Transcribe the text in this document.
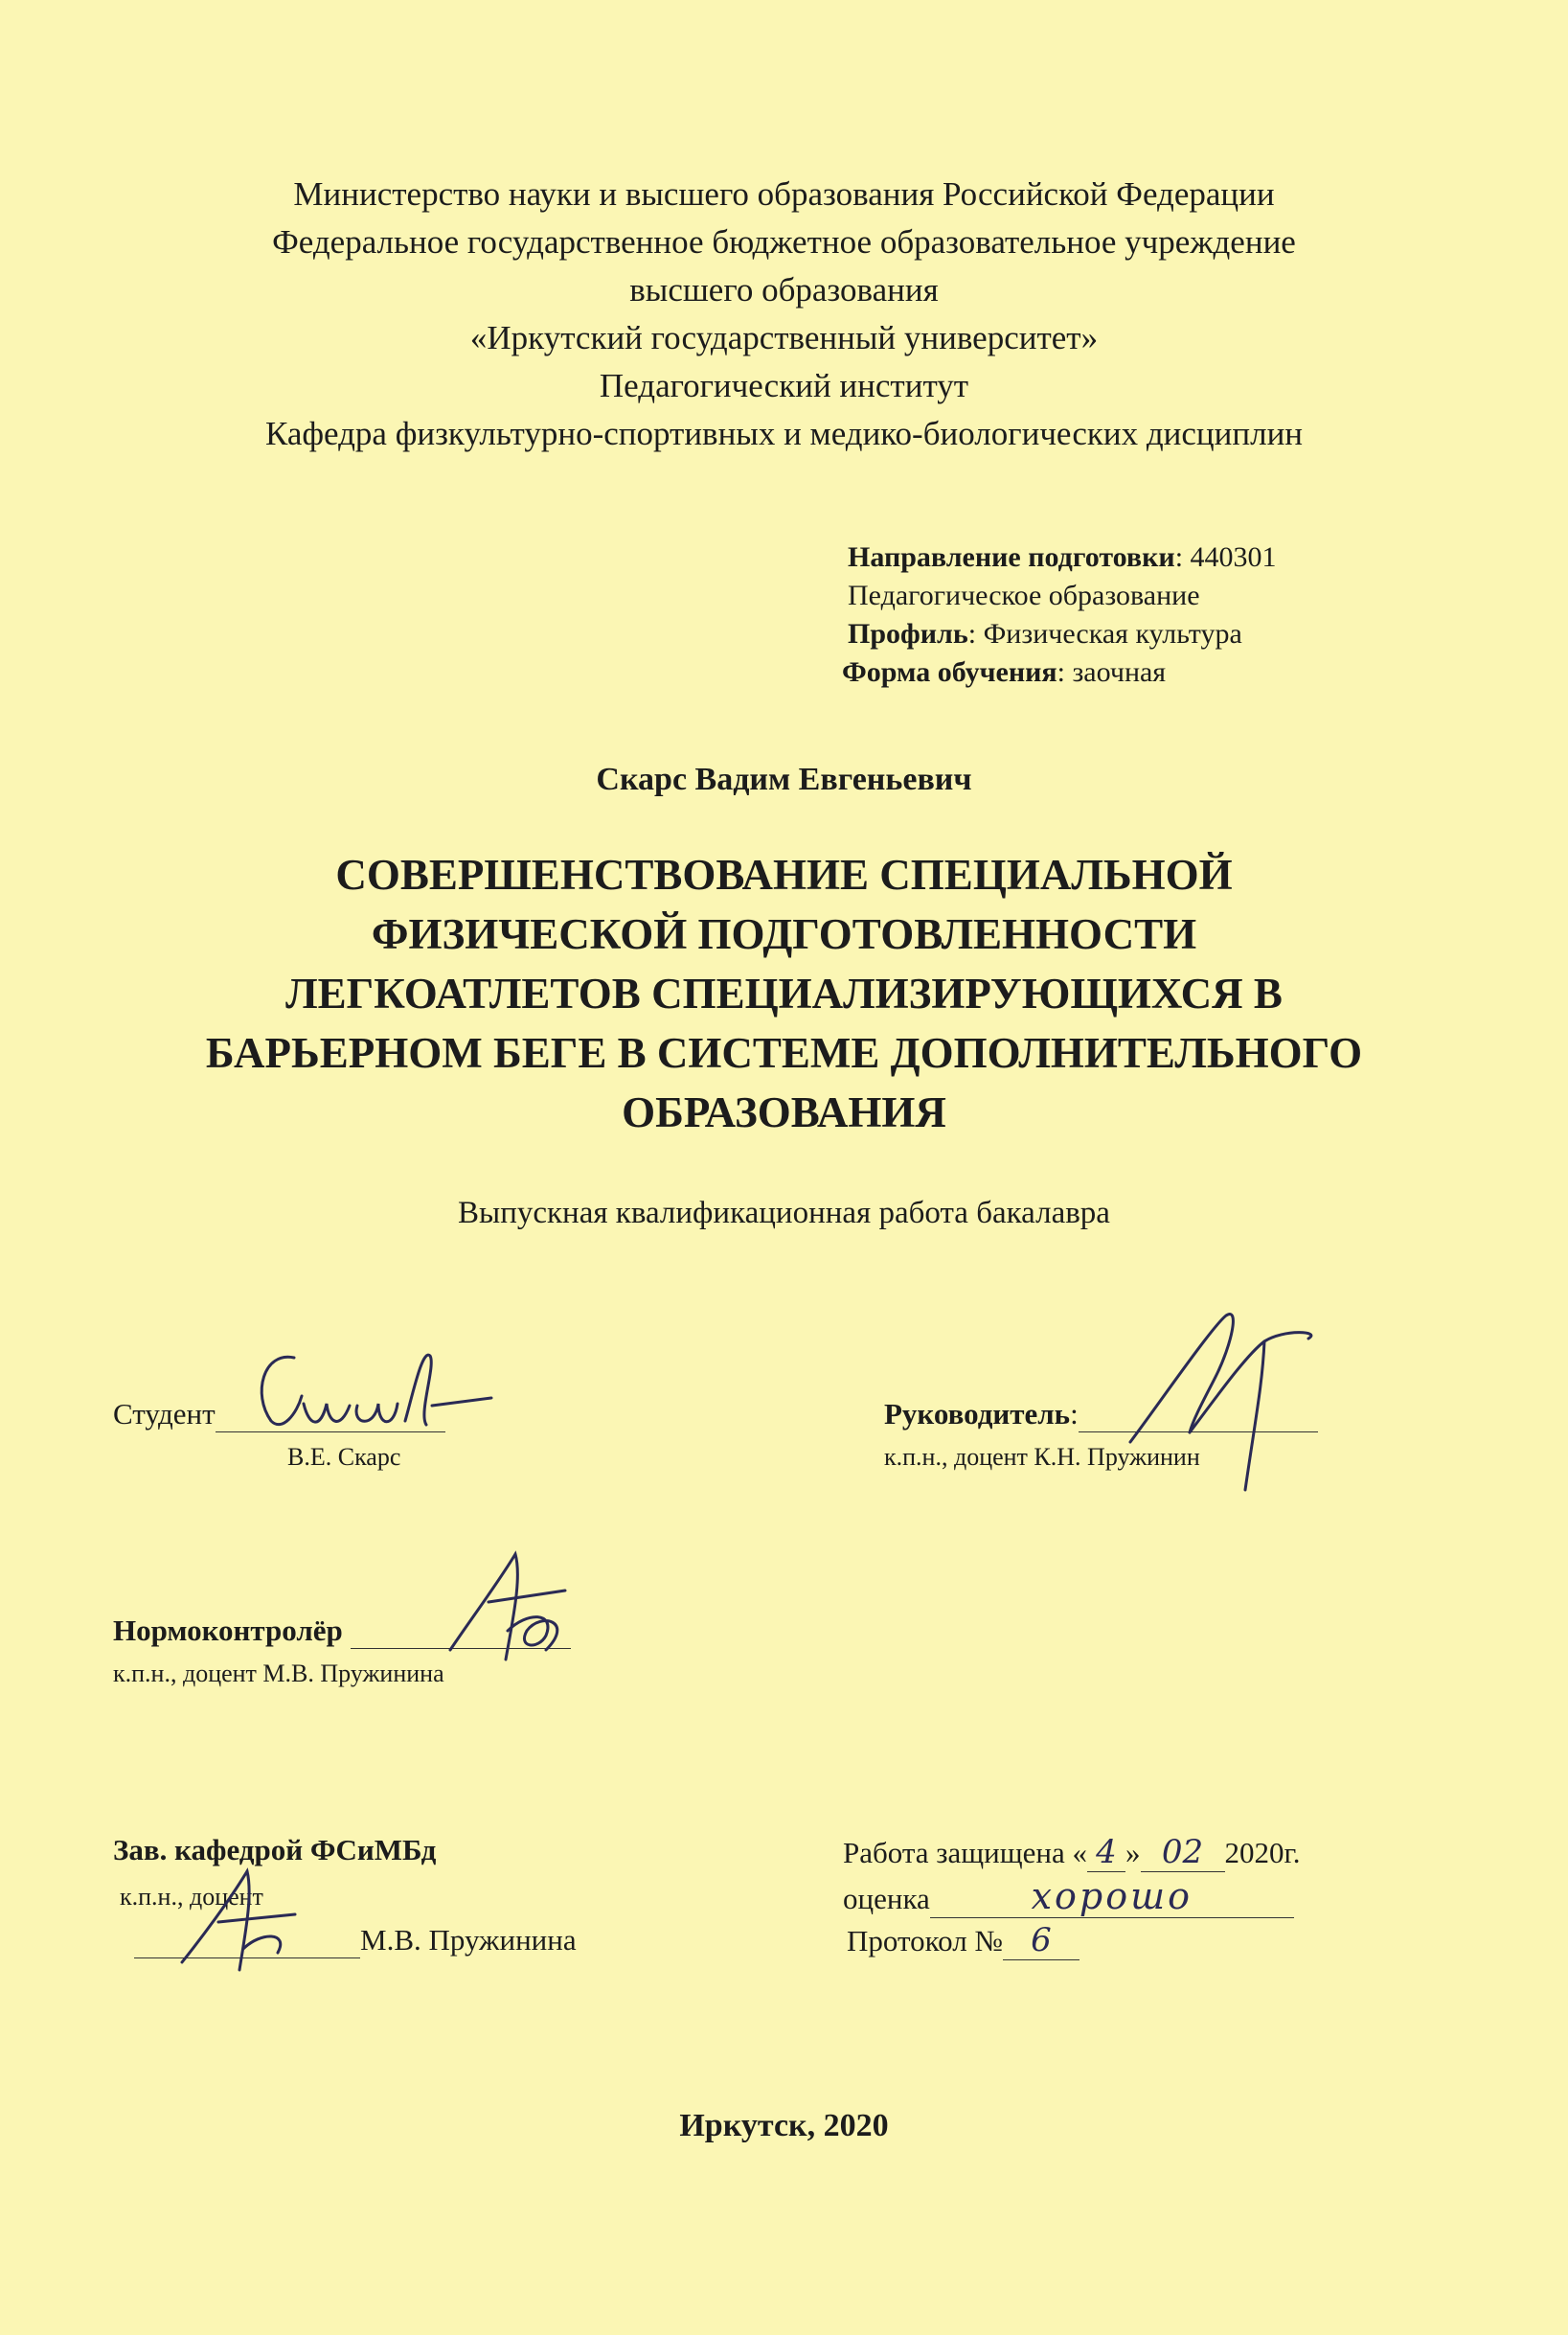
Министерство науки и высшего образования Российской Федерации
Федеральное государственное бюджетное образовательное учреждение
высшего образования
«Иркутский государственный университет»
Педагогический институт
Кафедра физкультурно-спортивных и медико-биологических дисциплин
Направление подготовки: 440301
Педагогическое образование
Профиль: Физическая культура
Форма обучения: заочная
Скарс Вадим Евгеньевич
СОВЕРШЕНСТВОВАНИЕ СПЕЦИАЛЬНОЙ
ФИЗИЧЕСКОЙ ПОДГОТОВЛЕННОСТИ
ЛЕГКОАТЛЕТОВ СПЕЦИАЛИЗИРУЮЩИХСЯ В
БАРЬЕРНОМ БЕГЕ В СИСТЕМЕ ДОПОЛНИТЕЛЬНОГО
ОБРАЗОВАНИЯ
Выпускная квалификационная работа бакалавра
Студент
В.Е. Скарс
Руководитель:
к.п.н., доцент К.Н. Пружинин
Нормоконтролёр
к.п.н., доцент М.В. Пружинина
Зав. кафедрой ФСиМБд
к.п.н., доцент
М.В. Пружинина
Работа защищена « 4 » 02 2020г.
оценка	хорошо
Протокол № 6
Иркутск, 2020
